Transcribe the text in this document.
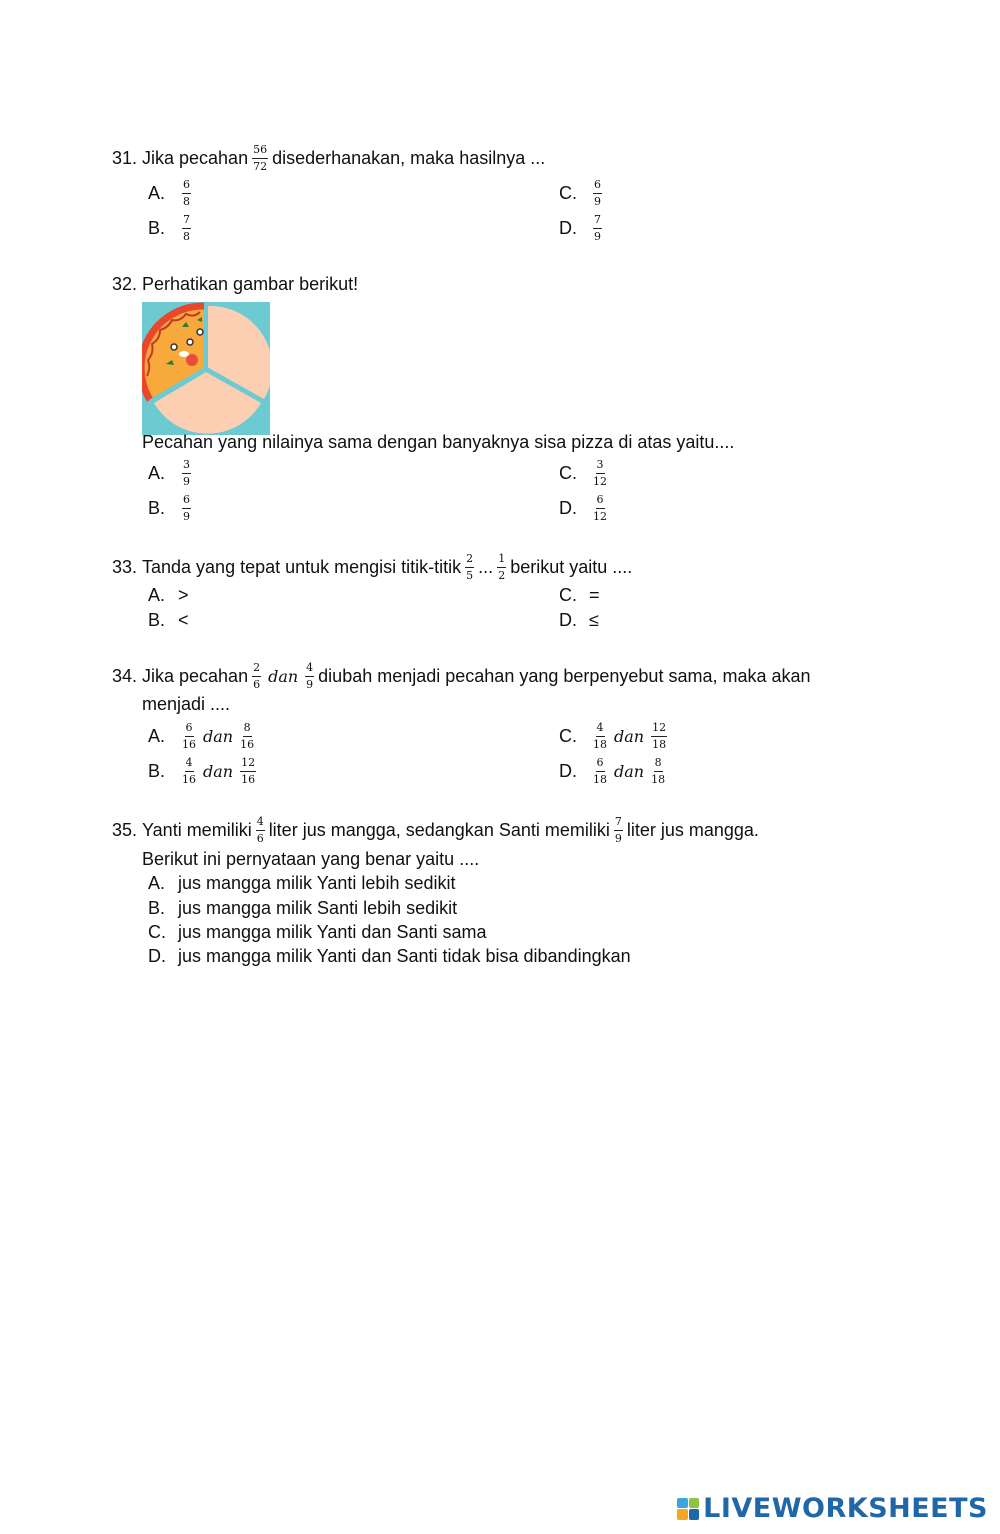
31. Jika pecahan $\frac{56}{72}$ disederhanakan, maka hasilnya ...
A.	$\frac{6}{8}$
B.	$\frac{7}{8}$
C.	$\frac{6}{9}$
D.	$\frac{7}{9}$
32. Perhatikan gambar berikut!
Pecahan yang nilainya sama dengan banyaknya sisa pizza di atas yaitu....
A.	$\frac{3}{9}$
B.	$\frac{6}{9}$
C.	$\frac{3}{12}$
D.	$\frac{6}{12}$
33. Tanda yang tepat untuk mengisi titik-titik $\frac{2}{5}$ ... $\frac{1}{2}$ berikut yaitu ....
A. >
B. <
C. =
D. ≤
34. Jika pecahan $\frac{2}{6}$ dan $\frac{4}{9}$ diubah menjadi pecahan yang berpenyebut sama, maka akan
menjadi ....
A.	$\frac{6}{16}$ dan $\frac{8}{16}$
B.	$\frac{4}{16}$ dan $\frac{12}{16}$
C.	$\frac{4}{18}$ dan $\frac{12}{18}$
D.	$\frac{6}{18}$ dan $\frac{8}{18}$
35. Yanti memiliki $\frac{4}{6}$ liter jus mangga, sedangkan Santi memiliki $\frac{7}{9}$ liter jus mangga.
Berikut ini pernyataan yang benar yaitu ....
A. jus mangga milik Yanti lebih sedikit
B. jus mangga milik Santi lebih sedikit
C. jus mangga milik Yanti dan Santi sama
D. jus mangga milik Yanti dan Santi tidak bisa dibandingkan
LIVEWORKSHEETS
